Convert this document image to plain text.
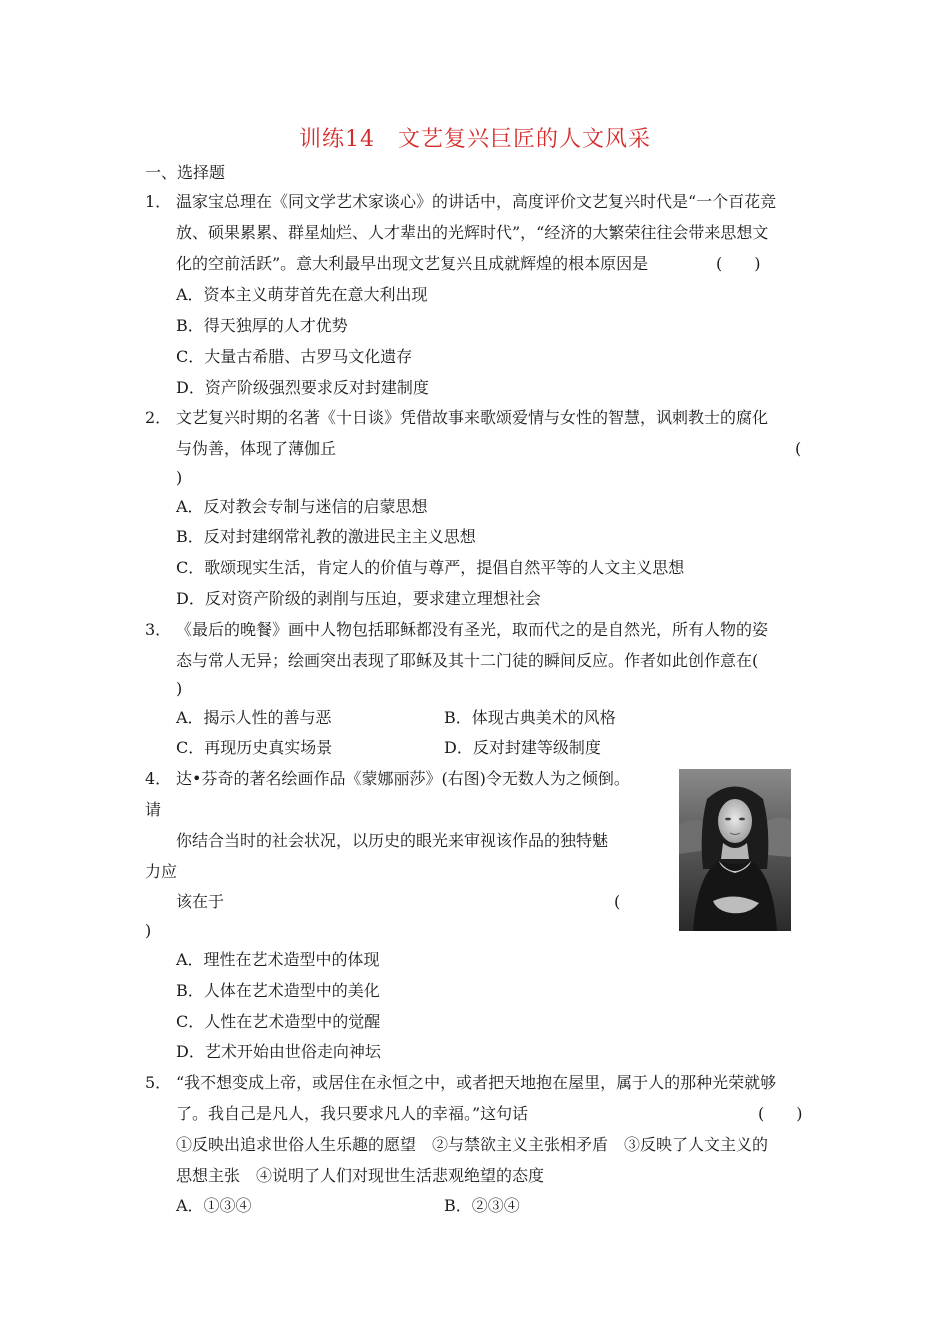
训练14　文艺复兴巨匠的人文风采
一、选择题
1． 温家宝总理在《同文学艺术家谈心》的讲话中，高度评价文艺复兴时代是“一个百花竞
放、硕果累累、群星灿烂、人才辈出的光辉时代”，“经济的大繁荣往往会带来思想文
化的空前活跃”。意大利最早出现文艺复兴且成就辉煌的根本原因是	(　　)
A．资本主义萌芽首先在意大利出现
B．得天独厚的人才优势
C．大量古希腊、古罗马文化遗存
D．资产阶级强烈要求反对封建制度
2． 文艺复兴时期的名著《十日谈》凭借故事来歌颂爱情与女性的智慧，讽刺教士的腐化
与伪善，体现了薄伽丘	(
)
A．反对教会专制与迷信的启蒙思想
B．反对封建纲常礼教的激进民主主义思想
C．歌颂现实生活，肯定人的价值与尊严，提倡自然平等的人文主义思想
D．反对资产阶级的剥削与压迫，要求建立理想社会
3． 《最后的晚餐》画中人物包括耶稣都没有圣光，取而代之的是自然光，所有人物的姿
态与常人无异；绘画突出表现了耶稣及其十二门徒的瞬间反应。作者如此创作意在(
)
A．揭示人性的善与恶	B．体现古典美术的风格
C．再现历史真实场景	D．反对封建等级制度
4． 达•芬奇的著名绘画作品《蒙娜丽莎》(右图)令无数人为之倾倒。
请
你结合当时的社会状况，以历史的眼光来审视该作品的独特魅
力应
该在于	(
)
A．理性在艺术造型中的体现
B．人体在艺术造型中的美化
C．人性在艺术造型中的觉醒
D．艺术开始由世俗走向神坛
5． “我不想变成上帝，或居住在永恒之中，或者把天地抱在屋里，属于人的那种光荣就够
了。我自己是凡人，我只要求凡人的幸福。”这句话	(　　)
①反映出追求世俗人生乐趣的愿望　②与禁欲主义主张相矛盾　③反映了人文主义的
思想主张　④说明了人们对现世生活悲观绝望的态度
A．①③④	B．②③④
